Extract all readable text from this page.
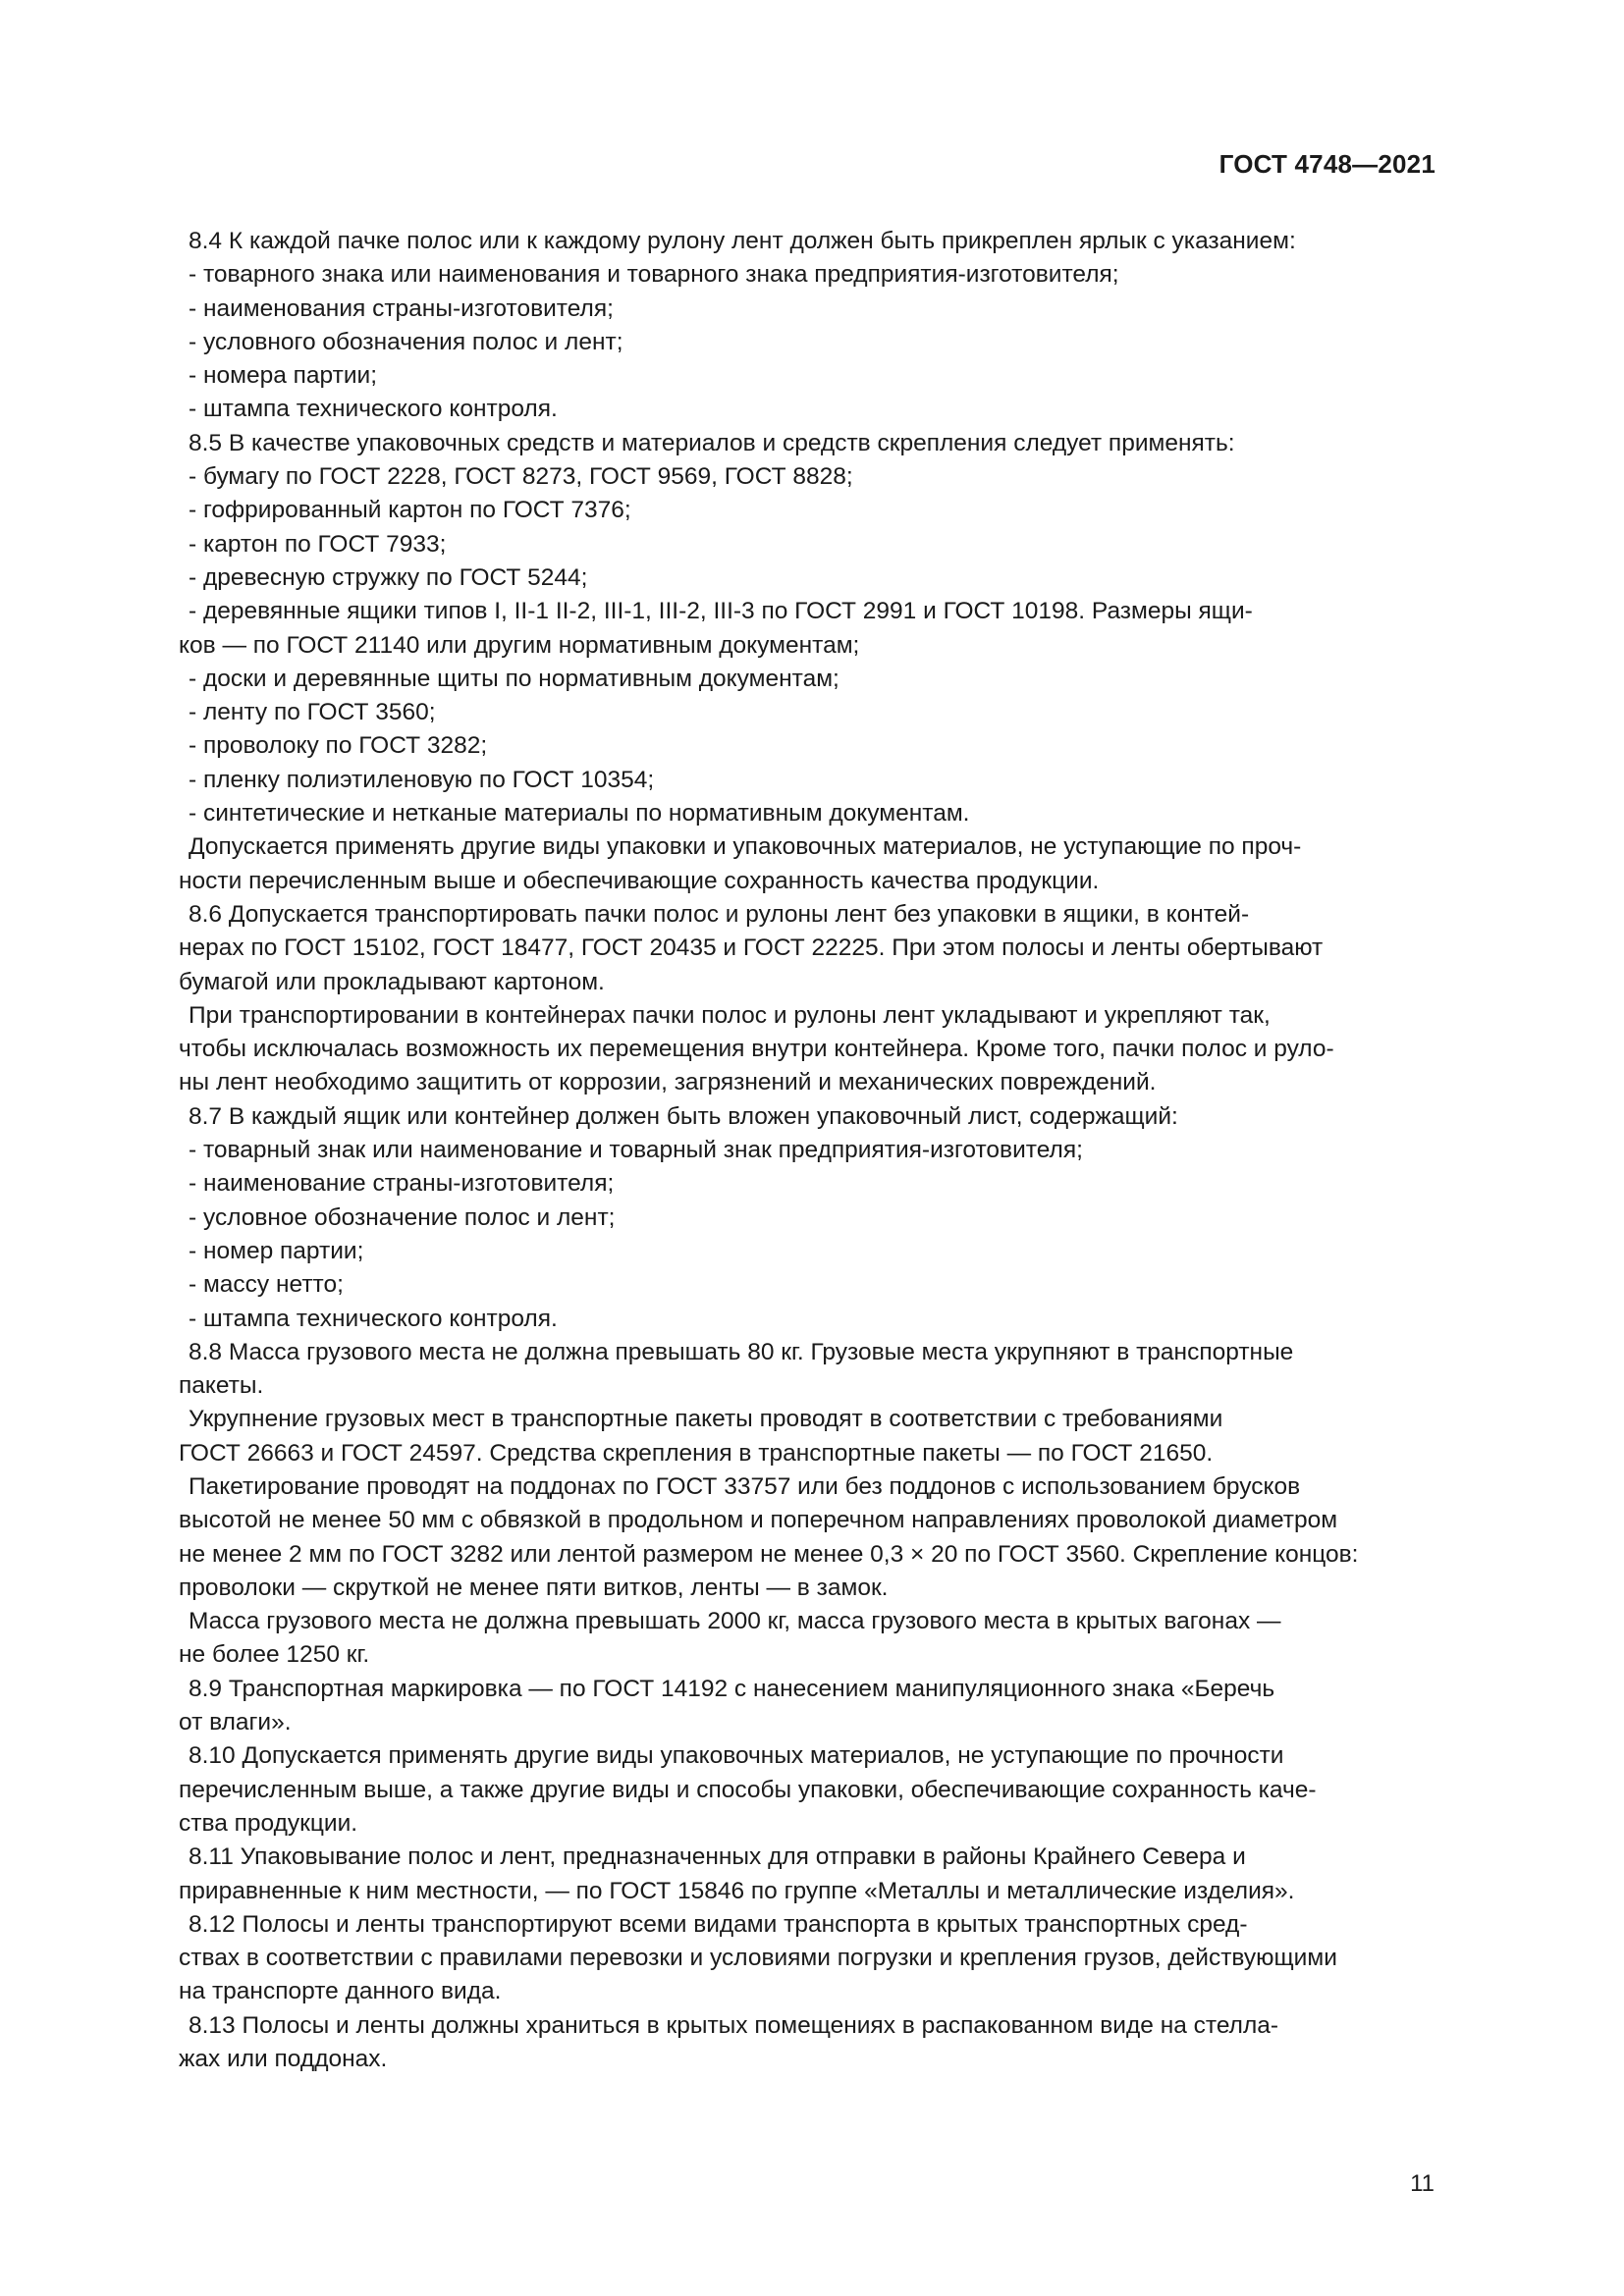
ГОСТ 4748—2021
8.4 К каждой пачке полос или к каждому рулону лент должен быть прикреплен ярлык с указанием:
- товарного знака или наименования и товарного знака предприятия-изготовителя;
- наименования страны-изготовителя;
- условного обозначения полос и лент;
- номера партии;
- штампа технического контроля.
8.5 В качестве упаковочных средств и материалов и средств скрепления следует применять:
- бумагу по ГОСТ 2228, ГОСТ 8273, ГОСТ 9569, ГОСТ 8828;
- гофрированный картон по ГОСТ 7376;
- картон по ГОСТ 7933;
- древесную стружку по ГОСТ 5244;
- деревянные ящики типов I, II-1 II-2, III-1, III-2, III-3 по ГОСТ 2991 и ГОСТ 10198. Размеры ящи-
ков — по ГОСТ 21140 или другим нормативным документам;
- доски и деревянные щиты по нормативным документам;
- ленту по ГОСТ 3560;
- проволоку по ГОСТ 3282;
- пленку полиэтиленовую по ГОСТ 10354;
- синтетические и нетканые материалы по нормативным документам.
Допускается применять другие виды упаковки и упаковочных материалов, не уступающие по проч-
ности перечисленным выше и обеспечивающие сохранность качества продукции.
8.6 Допускается транспортировать пачки полос и рулоны лент без упаковки в ящики, в контей-
нерах по ГОСТ 15102, ГОСТ 18477, ГОСТ 20435 и ГОСТ 22225. При этом полосы и ленты обертывают
бумагой или прокладывают картоном.
При транспортировании в контейнерах пачки полос и рулоны лент укладывают и укрепляют так,
чтобы исключалась возможность их перемещения внутри контейнера. Кроме того, пачки полос и руло-
ны лент необходимо защитить от коррозии, загрязнений и механических повреждений.
8.7 В каждый ящик или контейнер должен быть вложен упаковочный лист, содержащий:
- товарный знак или наименование и товарный знак предприятия-изготовителя;
- наименование страны-изготовителя;
- условное обозначение полос и лент;
- номер партии;
- массу нетто;
- штампа технического контроля.
8.8 Масса грузового места не должна превышать 80 кг. Грузовые места укрупняют в транспортные
пакеты.
Укрупнение грузовых мест в транспортные пакеты проводят в соответствии с требованиями
ГОСТ 26663 и ГОСТ 24597. Средства скрепления в транспортные пакеты — по ГОСТ 21650.
Пакетирование проводят на поддонах по ГОСТ 33757 или без поддонов с использованием брусков
высотой не менее 50 мм с обвязкой в продольном и поперечном направлениях проволокой диаметром
не менее 2 мм по ГОСТ 3282 или лентой размером не менее 0,3 × 20 по ГОСТ 3560. Скрепление концов:
проволоки — скруткой не менее пяти витков, ленты — в замок.
Масса грузового места не должна превышать 2000 кг, масса грузового места в крытых вагонах —
не более 1250 кг.
8.9 Транспортная маркировка — по ГОСТ 14192 с нанесением манипуляционного знака «Беречь
от влаги».
8.10 Допускается применять другие виды упаковочных материалов, не уступающие по прочности
перечисленным выше, а также другие виды и способы упаковки, обеспечивающие сохранность каче-
ства продукции.
8.11 Упаковывание полос и лент, предназначенных для отправки в районы Крайнего Севера и
приравненные к ним местности, — по ГОСТ 15846 по группе «Металлы и металлические изделия».
8.12 Полосы и ленты транспортируют всеми видами транспорта в крытых транспортных сред-
ствах в соответствии с правилами перевозки и условиями погрузки и крепления грузов, действующими
на транспорте данного вида.
8.13 Полосы и ленты должны храниться в крытых помещениях в распакованном виде на стелла-
жах или поддонах.
11
